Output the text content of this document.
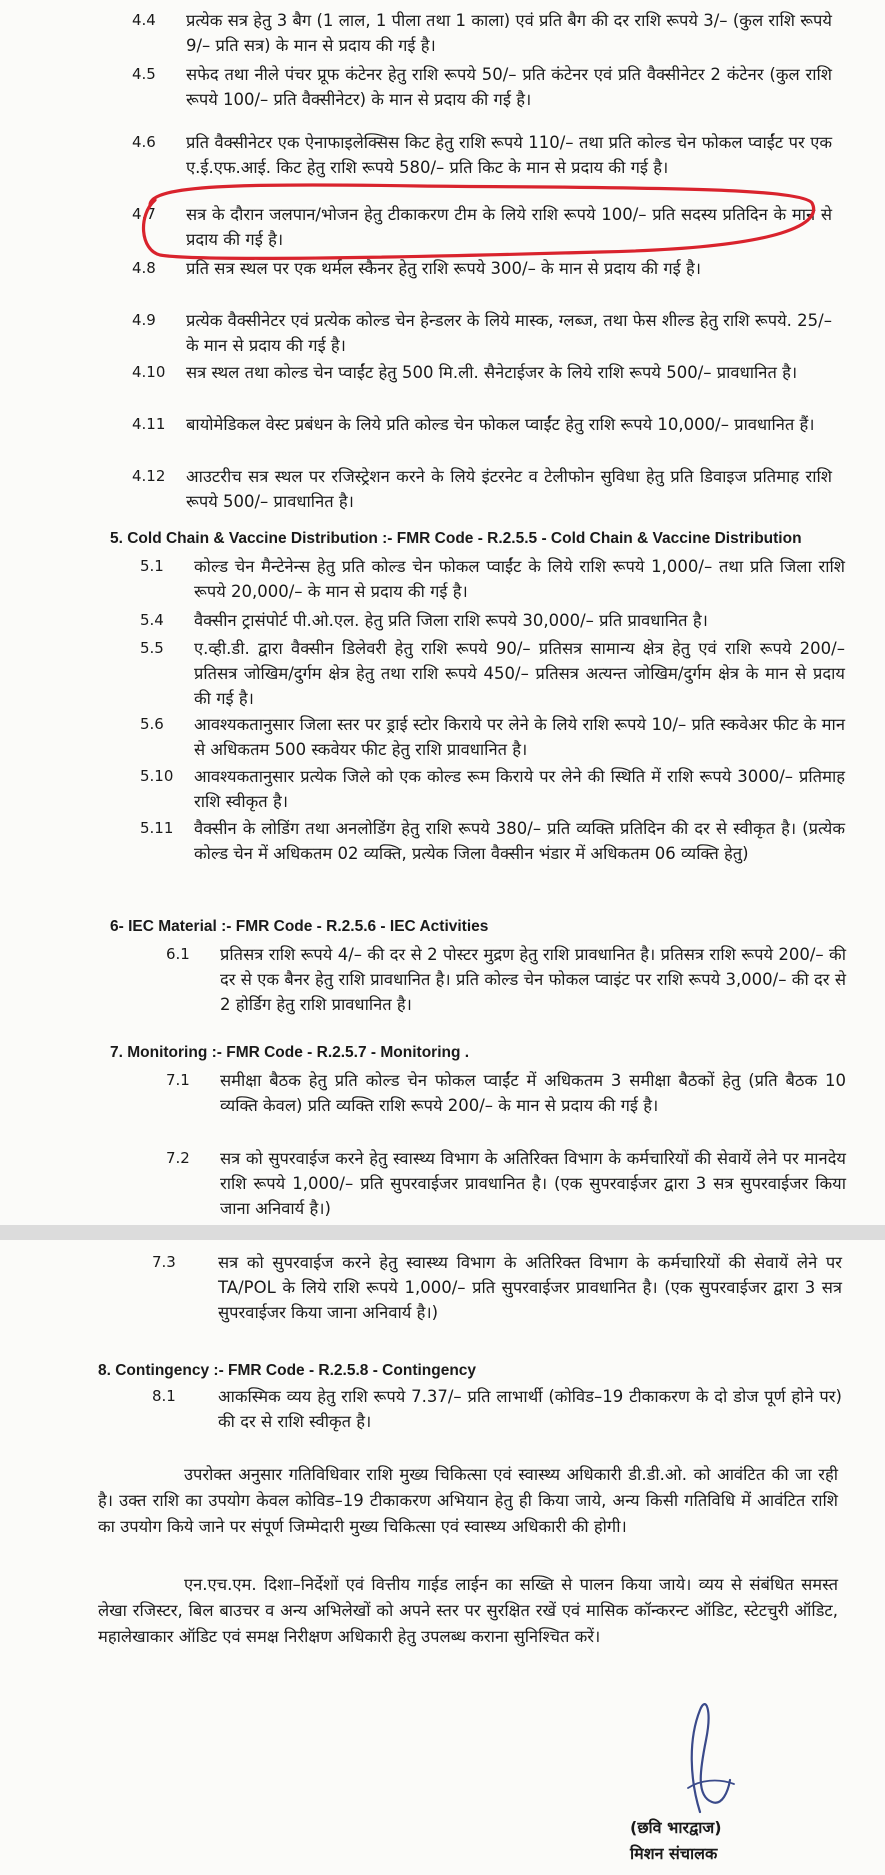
4.4	प्रत्येक सत्र हेतु 3 बैग (1 लाल, 1 पीला तथा 1 काला) एवं प्रति बैग की दर राशि रूपये 3/– (कुल राशि रूपये 9/– प्रति सत्र) के मान से प्रदाय की गई है।
4.5	सफेद तथा नीले पंचर प्रूफ कंटेनर हेतु राशि रूपये 50/– प्रति कंटेनर एवं प्रति वैक्सीनेटर 2 कंटेनर (कुल राशि रूपये 100/– प्रति वैक्सीनेटर) के मान से प्रदाय की गई है।
4.6	प्रति वैक्सीनेटर एक ऐनाफाइलेक्सिस किट हेतु राशि रूपये 110/– तथा प्रति कोल्ड चेन फोकल प्वाईंट पर एक ए.ई.एफ.आई. किट हेतु राशि रूपये 580/– प्रति किट के मान से प्रदाय की गई है।
4.7	सत्र के दौरान जलपान/भोजन हेतु टीकाकरण टीम के लिये राशि रूपये 100/– प्रति सदस्य प्रतिदिन के मान से प्रदाय की गई है।
4.8	प्रति सत्र स्थल पर एक थर्मल स्कैनर हेतु राशि रूपये 300/– के मान से प्रदाय की गई है।
4.9	प्रत्येक वैक्सीनेटर एवं प्रत्येक कोल्ड चेन हेन्डलर के लिये मास्क, ग्लब्ज, तथा फेस शील्ड हेतु राशि रूपये. 25/– के मान से प्रदाय की गई है।
4.10	सत्र स्थल तथा कोल्ड चेन प्वाईंट हेतु 500 मि.ली. सैनेटाईजर के लिये राशि रूपये 500/– प्रावधानित है।
4.11	बायोमेडिकल वेस्ट प्रबंधन के लिये प्रति कोल्ड चेन फोकल प्वाईंट हेतु राशि रूपये 10,000/– प्रावधानित हैं।
4.12	आउटरीच सत्र स्थल पर रजिस्ट्रेशन करने के लिये इंटरनेट व टेलीफोन सुविधा हेतु प्रति डिवाइज प्रतिमाह राशि रूपये 500/– प्रावधानित है।
5. Cold Chain & Vaccine Distribution :- FMR Code - R.2.5.5 - Cold Chain & Vaccine Distribution
5.1	कोल्ड चेन मैन्टेनेन्स हेतु प्रति कोल्ड चेन फोकल प्वाईंट के लिये राशि रूपये 1,000/– तथा प्रति जिला राशि रूपये 20,000/– के मान से प्रदाय की गई है।
5.4	वैक्सीन ट्रासंपोर्ट पी.ओ.एल. हेतु प्रति जिला राशि रूपये 30,000/– प्रति प्रावधानित है।
5.5	ए.व्ही.डी. द्वारा वैक्सीन डिलेवरी हेतु राशि रूपये 90/– प्रतिसत्र सामान्य क्षेत्र हेतु एवं राशि रूपये 200/– प्रतिसत्र जोखिम/दुर्गम क्षेत्र हेतु तथा राशि रूपये 450/– प्रतिसत्र अत्यन्त जोखिम/दुर्गम क्षेत्र के मान से प्रदाय की गई है।
5.6	आवश्यकतानुसार जिला स्तर पर ड्राई स्टोर किराये पर लेने के लिये राशि रूपये 10/– प्रति स्कवेअर फीट के मान से अधिकतम 500 स्कवेयर फीट हेतु राशि प्रावधानित है।
5.10	आवश्यकतानुसार प्रत्येक जिले को एक कोल्ड रूम किराये पर लेने की स्थिति में राशि रूपये 3000/– प्रतिमाह राशि स्वीकृत है।
5.11	वैक्सीन के लोडिंग तथा अनलोडिंग हेतु राशि रूपये 380/– प्रति व्यक्ति प्रतिदिन की दर से स्वीकृत है। (प्रत्येक कोल्ड चेन में अधिकतम 02 व्यक्ति, प्रत्येक जिला वैक्सीन भंडार में अधिकतम 06 व्यक्ति हेतु)
6- IEC Material :- FMR Code - R.2.5.6 - IEC Activities
6.1	प्रतिसत्र राशि रूपये 4/– की दर से 2 पोस्टर मुद्रण हेतु राशि प्रावधानित है। प्रतिसत्र राशि रूपये 200/– की दर से एक बैनर हेतु राशि प्रावधानित है। प्रति कोल्ड चेन फोकल प्वाइंट पर राशि रूपये 3,000/– की दर से 2 होर्डिग हेतु राशि प्रावधानित है।
7. Monitoring :- FMR Code - R.2.5.7 - Monitoring .
7.1	समीक्षा बैठक हेतु प्रति कोल्ड चेन फोकल प्वाईंट में अधिकतम 3 समीक्षा बैठकों हेतु (प्रति बैठक 10 व्यक्ति केवल) प्रति व्यक्ति राशि रूपये 200/– के मान से प्रदाय की गई है।
7.2	सत्र को सुपरवाईज करने हेतु स्वास्थ्य विभाग के अतिरिक्त विभाग के कर्मचारियों की सेवायें लेने पर मानदेय राशि रूपये 1,000/– प्रति सुपरवाईजर प्रावधानित है। (एक सुपरवाईजर द्वारा 3 सत्र सुपरवाईजर किया जाना अनिवार्य है।)
7.3	सत्र को सुपरवाईज करने हेतु स्वास्थ्य विभाग के अतिरिक्त विभाग के कर्मचारियों की सेवायें लेने पर TA/POL के लिये राशि रूपये 1,000/– प्रति सुपरवाईजर प्रावधानित है। (एक सुपरवाईजर द्वारा 3 सत्र सुपरवाईजर किया जाना अनिवार्य है।)
8. Contingency :- FMR Code - R.2.5.8 - Contingency
8.1	आकस्मिक व्यय हेतु राशि रूपये 7.37/– प्रति लाभार्थी (कोविड–19 टीकाकरण के दो डोज पूर्ण होने पर) की दर से राशि स्वीकृत है।
उपरोक्त अनुसार गतिविधिवार राशि मुख्य चिकित्सा एवं स्वास्थ्य अधिकारी डी.डी.ओ. को आवंटित की जा रही है। उक्त राशि का उपयोग केवल कोविड–19 टीकाकरण अभियान हेतु ही किया जाये, अन्य किसी गतिविधि में आवंटित राशि का उपयोग किये जाने पर संपूर्ण जिम्मेदारी मुख्य चिकित्सा एवं स्वास्थ्य अधिकारी की होगी।
एन.एच.एम. दिशा–निर्देशों एवं वित्तीय गाईड लाईन का सख्ति से पालन किया जाये। व्यय से संबंधित समस्त लेखा रजिस्टर, बिल बाउचर व अन्य अभिलेखों को अपने स्तर पर सुरक्षित रखें एवं मासिक कॉन्करन्ट ऑडिट, स्टेटचुरी ऑडिट, महालेखाकार ऑडिट एवं समक्ष निरीक्षण अधिकारी हेतु उपलब्ध कराना सुनिश्चित करें।
(छवि भारद्वाज)
मिशन संचालक
